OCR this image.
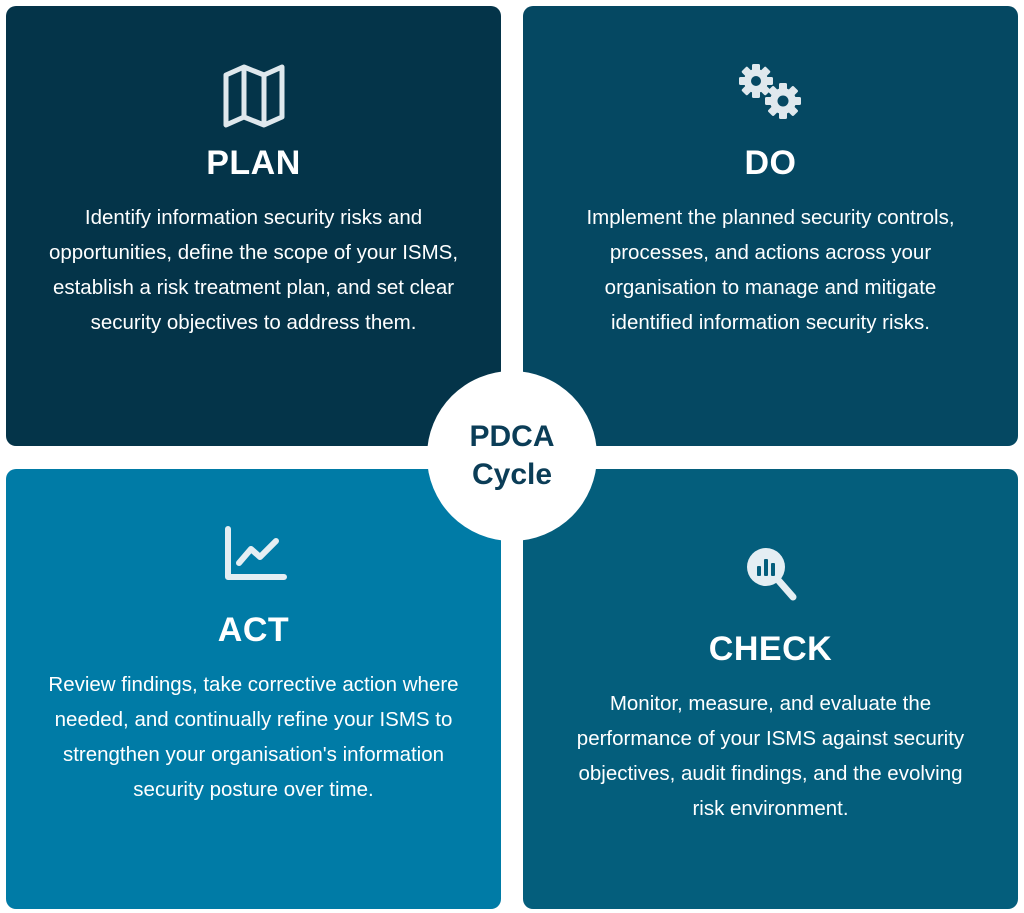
PLAN

Identify information security risks and opportunities, define the scope of your ISMS, establish a risk treatment plan, and set clear security objectives to address them.

DO

Implement the planned security controls, processes, and actions across your organisation to manage and mitigate identified information security risks.

ACT

Review findings, take corrective action where needed, and continually refine your ISMS to strengthen your organisation's information security posture over time.

CHECK

Monitor, measure, and evaluate the performance of your ISMS against security objectives, audit findings, and the evolving risk environment.

PDCA
Cycle
